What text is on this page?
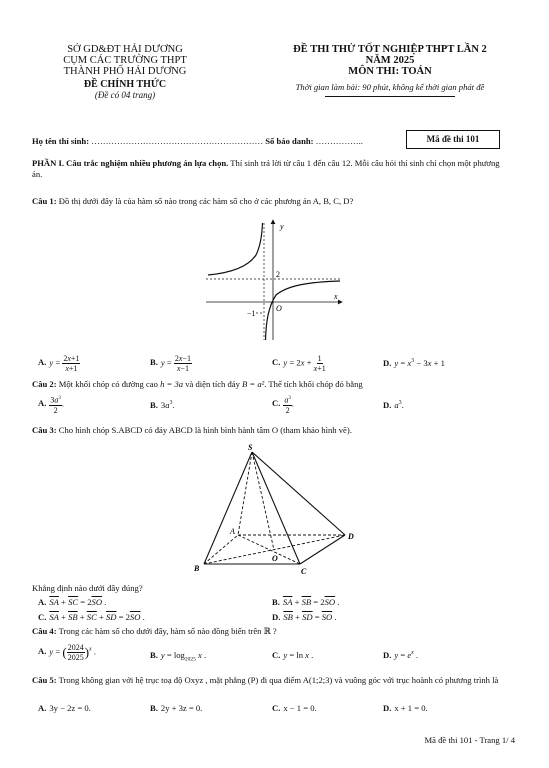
SỞ GD&ĐT HẢI DƯƠNG
CỤM CÁC TRƯỜNG THPT
THÀNH PHỐ HẢI DƯƠNG
ĐỀ CHÍNH THỨC
(Đề có 04 trang)
ĐỀ THI THỬ TỐT NGHIỆP THPT LẦN 2
NĂM 2025
MÔN THI: TOÁN
Thời gian làm bài: 90 phút, không kể thời gian phát đề
Họ tên thí sinh: …………………………………………………… Số báo danh: ……………..	Mã đề thi 101
PHẦN I. Câu trắc nghiệm nhiều phương án lựa chọn. Thí sinh trả lời từ câu 1 đến câu 12. Mỗi câu hỏi thí sinh chỉ chọn một phương án.
Câu 1: Đồ thị dưới đây là của hàm số nào trong các hàm số cho ở các phương án A, B, C, D?
y
x
O
2
−1
A. $y = \frac{2x+1}{x+1}$	B. $y = \frac{2x-1}{x-1}$	C. $y = 2x + \frac{1}{x+1}$	D. $y = x^3 - 3x + 1$
Câu 2: Một khối chóp có đường cao h = 3a và diện tích đáy B = a². Thể tích khối chóp đó bằng
A. $\frac{3a^3}{2}$ .	B. $3a^3$.	C. $\frac{a^3}{2}$ .	D. $a^3$.
Câu 3: Cho hình chóp S.ABCD có đáy ABCD là hình bình hành tâm O (tham khảo hình vẽ).
S
A
B	C
D
O
Khẳng định nào dưới đây đúng?
A. $\overline{SA} + \overline{SC} = 2\overline{SO}$ .	B. $\overline{SA} + \overline{SB} = 2\overline{SO}$ .
C. $\overline{SA} + \overline{SB} + \overline{SC} + \overline{SD} = 2\overline{SO}$ .	D. $\overline{SB} + \overline{SD} = \overline{SO}$ .
Câu 4: Trong các hàm số cho dưới đây, hàm số nào đồng biến trên ℝ ?
A. y = ( $\frac{2024}{2025} )^x$ .	B. $y = \log_{2025} x$ .	C. y = ln x .	D. $y = e^x$ .
Câu 5: Trong không gian với hệ trục toạ độ Oxyz , mặt phẳng (P) đi qua điểm A(1;2;3) và vuông góc với trục hoành có phương trình là
A. 3y − 2z = 0.	B. 2y + 3z = 0.	C. x − 1 = 0.	D. x + 1 = 0.
Mã đề thi 101 - Trang 1/ 4
